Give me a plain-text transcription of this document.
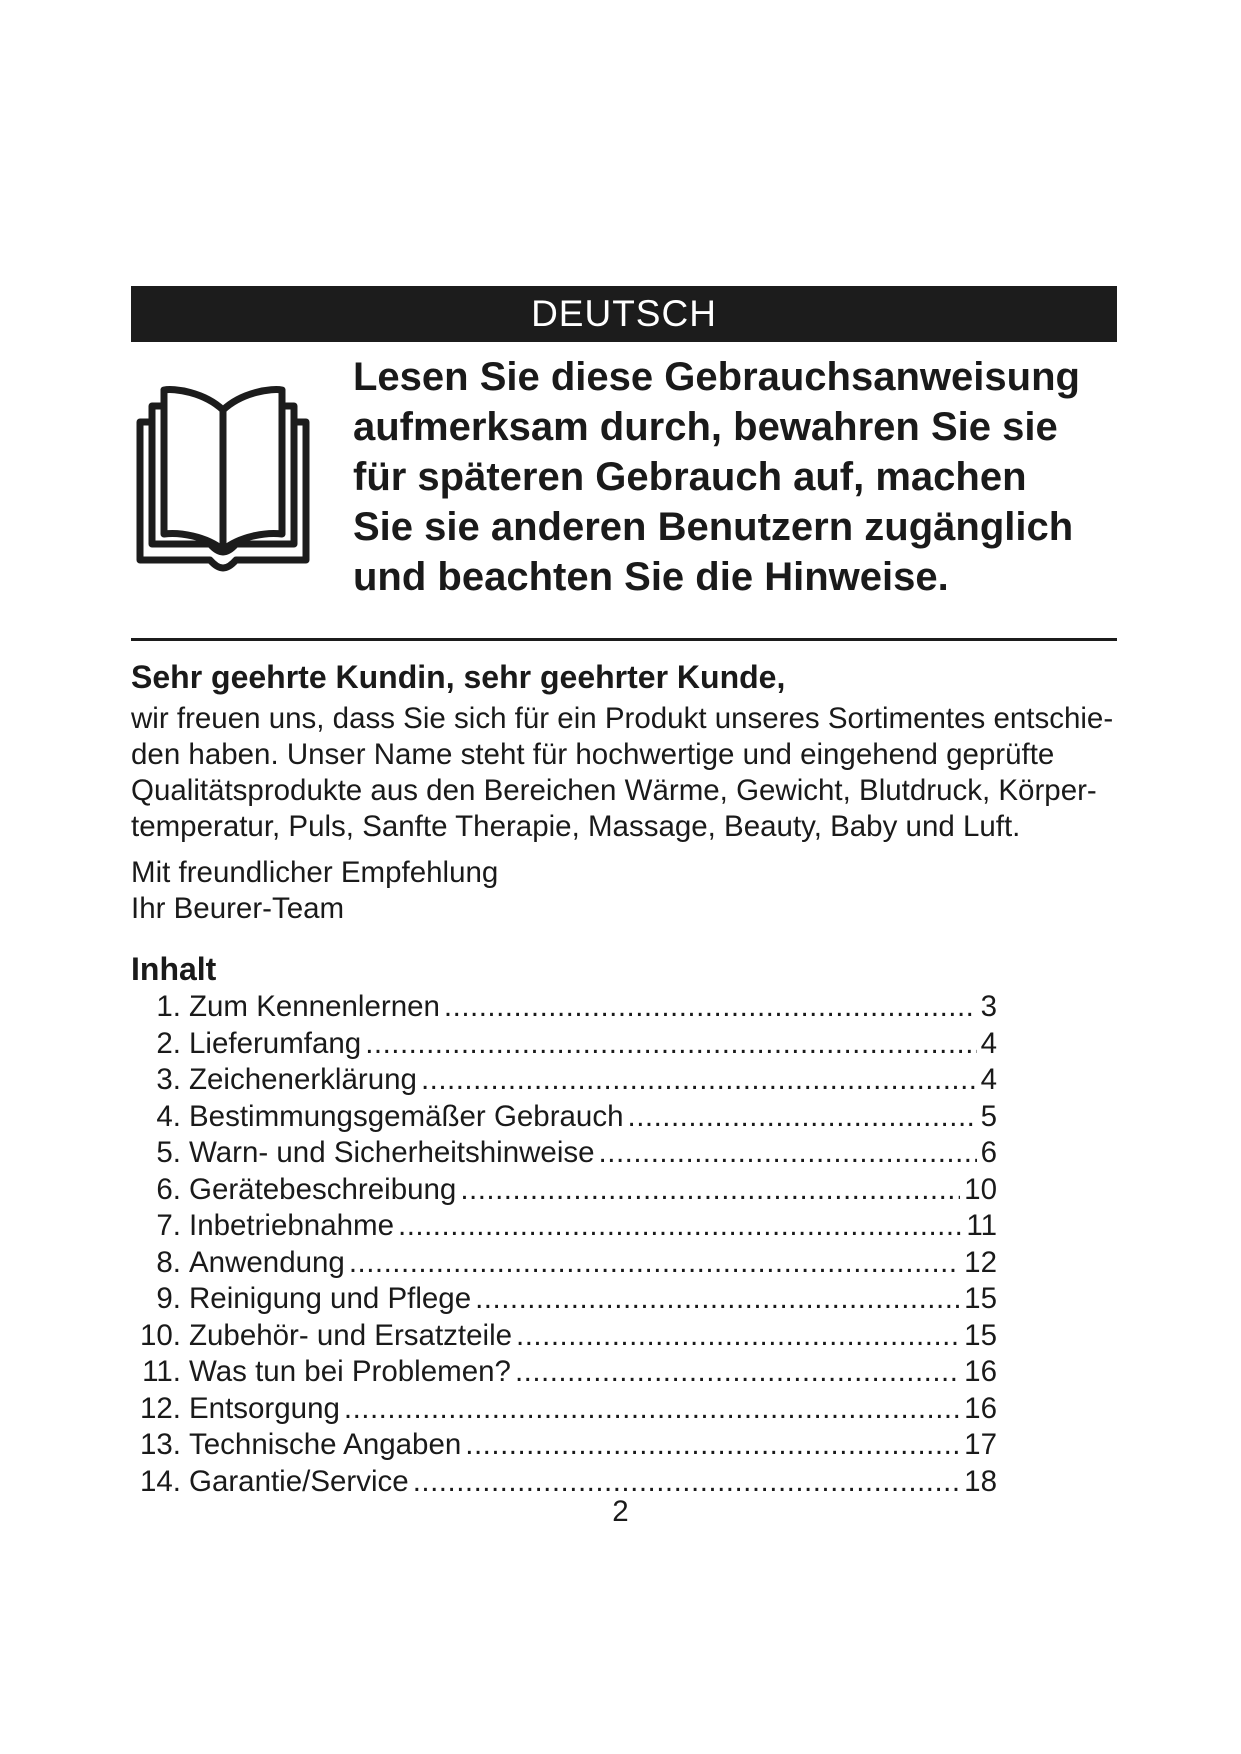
DEUTSCH
Lesen Sie diese Gebrauchsanweisung
aufmerksam durch, bewahren Sie sie
für späteren Gebrauch auf, machen
Sie sie anderen Benutzern zugänglich
und beachten Sie die Hinweise.
Sehr geehrte Kundin, sehr geehrter Kunde,
wir freuen uns, dass Sie sich für ein Produkt unseres Sortimentes entschie-
den haben. Unser Name steht für hochwertige und eingehend geprüfte
Qualitätsprodukte aus den Bereichen Wärme, Gewicht, Blutdruck, Körper-
temperatur, Puls, Sanfte Therapie, Massage, Beauty, Baby und Luft.
Mit freundlicher Empfehlung
Ihr Beurer-Team
Inhalt
1. Zum Kennenlernen .....	3
2. Lieferumfang .....	4
3. Zeichenerklärung .....	4
4. Bestimmungsgemäßer Gebrauch .....	5
5. Warn- und Sicherheitshinweise .....	6
6. Gerätebeschreibung .....	10
7. Inbetriebnahme .....	11
8. Anwendung .....	12
9. Reinigung und Pflege .....	15
10. Zubehör- und Ersatzteile .....	15
11. Was tun bei Problemen? .....	16
12. Entsorgung .....	16
13. Technische Angaben .....	17
14. Garantie/Service .....	18
2
